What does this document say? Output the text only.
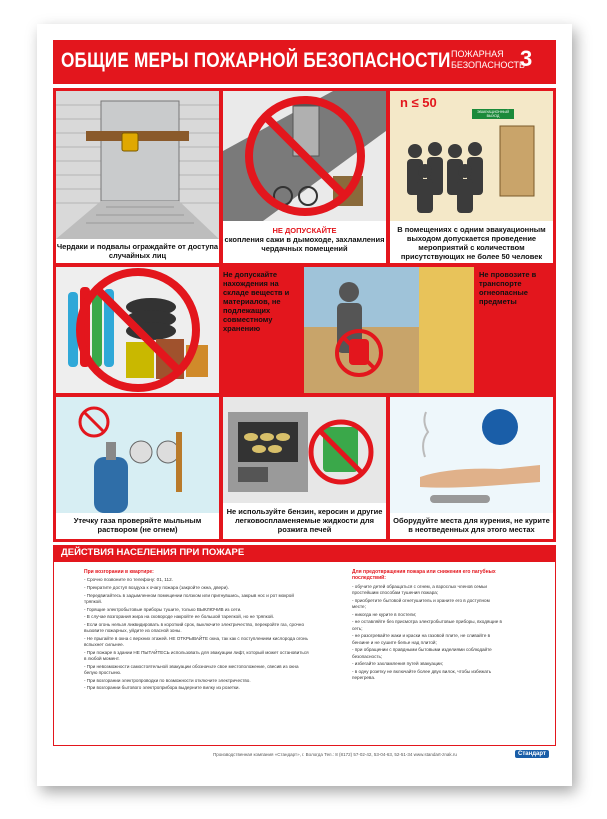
ОБЩИЕ МЕРЫ ПОЖАРНОЙ БЕЗОПАСНОСТИ ПОЖАРНАЯ
БЕЗОПАСНОСТЬ
3
Чердаки и подвалы ограждайте от доступа случайных лиц
НЕ ДОПУСКАЙТЕ
скопления сажи в дымоходе, захламления чердачных помещений
n ≤ 50
ЭВАКУАЦИОННЫЙ ВЫХОД
В помещениях с одним эвакуационным выходом допускается проведение мероприятий с количеством присутствующих не более 50 человек
Не допускайте нахождения на складе веществ и материалов, не подлежащих совместному хранению
Не провозите в транспорте огнеопасные предметы
Утечку газа проверяйте мыльным раствором (не огнем)
Не используйте бензин, керосин и другие легковоспламеняемые жидкости для розжига печей
Оборудуйте места для курения, не курите в неотведенных для этого местах
ДЕЙСТВИЯ НАСЕЛЕНИЯ ПРИ ПОЖАРЕ
При возгорании в квартире:

- Срочно позвоните по телефону: 01, 112.

- Прекратите доступ воздуха к очагу пожара (закройте окна, двери).

- Передвигайтесь в задымленном помещении ползком или пригнувшись, закрыв нос и рот мокрой тряпкой.

- Горящие электробытовые приборы тушите, только ВЫКЛЮЧИВ из сети.

- В случае возгорания жира на сковороде накройте ее большой тарелкой, но не тряпкой.

- Если огонь нельзя ликвидировать в короткий срок, выключите электричество, перекройте газ, срочно вызовите пожарных, уйдите из опасной зоны.

- Не прыгайте в окна с верхних этажей. НЕ ОТКРЫВАЙТЕ окна, так как с поступлением кислорода огонь вспыхнет сильнее.

- При пожаре в здании НЕ ПЫТАЙТЕСЬ использовать для эвакуации лифт, который может остановиться в любой момент.

- При невозможности самостоятельной эвакуации обозначьте свое местоположение, свесив из окна белую простыню.

- При возгорании электропроводки по возможности отключите электричество.

- При возгорании бытового электроприбора выдерните вилку из розетки.

Для предотвращения пожара или снижения его пагубных последствий:

- обучите детей обращаться с огнем, а взрослых членов семьи простейшим способам тушения пожара;

- приобретите бытовой огнетушитель и храните его в доступном месте;

- никогда не курите в постели;

- не оставляйте без присмотра электробытовые приборы, входящие в сеть;

- не разогревайте жаки и краски на газовой плите, не сливайте в бензине и не сушите белье над плитой;

- при обращении с правдными бытовыми изделиями соблюдайте безопасность;

- избегайте захламления путей эвакуации;

- в одну розетку не включайте более двух вилок, чтобы избежать перегрева.

Производственная компания «Стандарт», г. Вологда Тел.: 8 (8172) 57-02-42, 53-04-63, 52-51-34 www.standart-znak.ru	Стандарт
